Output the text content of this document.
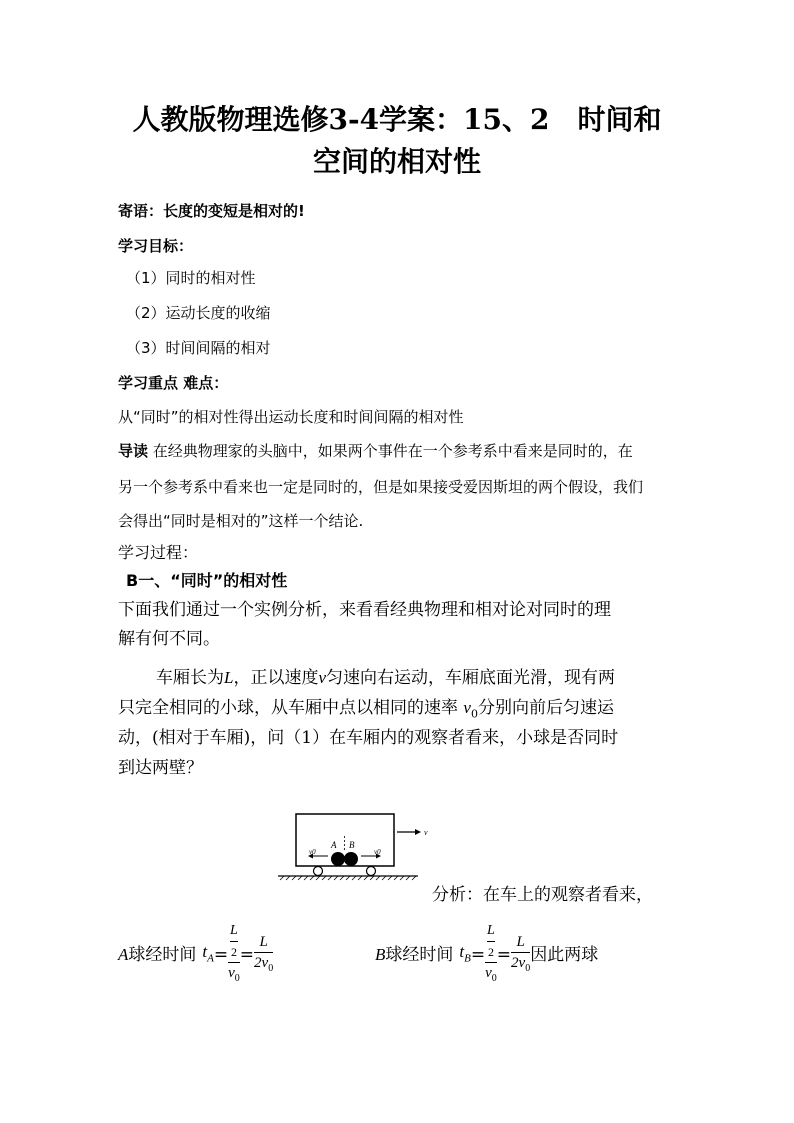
人教版物理选修3-4学案：15、2　时间和
空间的相对性
寄语：长度的变短是相对的!
学习目标：
（1）同时的相对性
（2）运动长度的收缩
（3）时间间隔的相对
学习重点 难点：
从“同时”的相对性得出运动长度和时间间隔的相对性
导读 在经典物理家的头脑中，如果两个事件在一个参考系中看来是同时的，在
另一个参考系中看来也一定是同时的，但是如果接受爱因斯坦的两个假设，我们
会得出“同时是相对的”这样一个结论.
学习过程：
B一、“同时”的相对性
下面我们通过一个实例分析，来看看经典物理和相对论对同时的理
解有何不同。
车厢长为L，正以速度v匀速向右运动，车厢底面光滑，现有两
只完全相同的小球，从车厢中点以相同的速率 $v_0$分别向前后匀速运
动，(相对于车厢)，问（1）在车厢内的观察者看来，小球是否同时
到达两壁？
v
A B
v0	v0
分析：在车上的观察者看来，
A 球经时间 $t_A = \frac{\frac{L}{2}}{v_0} = \frac{L}{2v_0}$	B 球经时间 $t_B = \frac{\frac{L}{2}}{v_0} = \frac{L}{2v_0}$ 因此两球
